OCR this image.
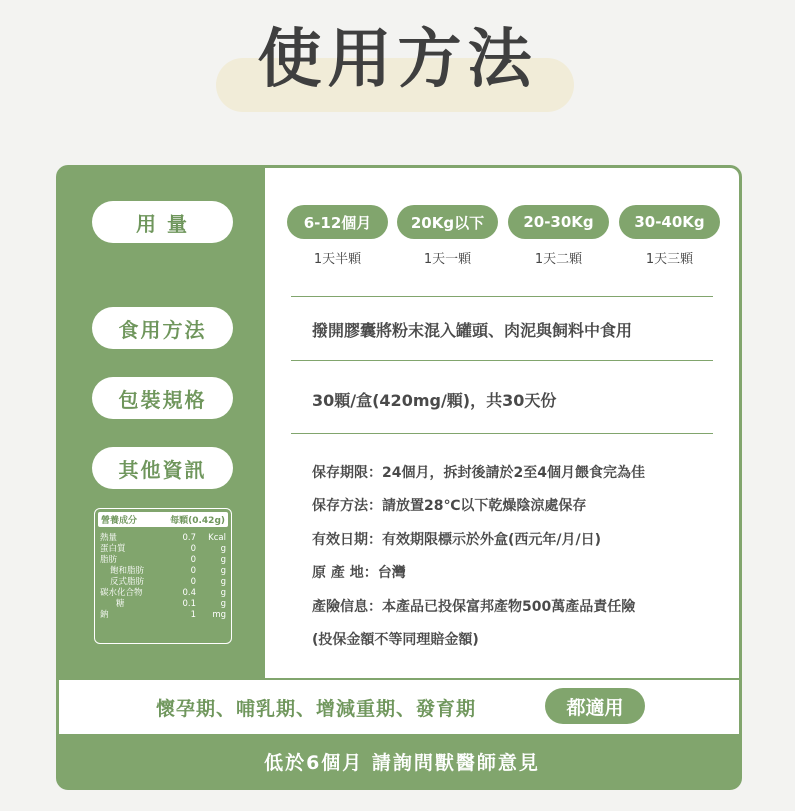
使用方法
用 量
食用方法
包裝規格
其他資訊
6-12個月	20Kg以下	20-30Kg	30-40Kg
1天半顆	1天一顆	1天二顆	1天三顆
撥開膠囊將粉末混入罐頭、肉泥與飼料中食用
30顆/盒(420mg/顆)，共30天份
保存期限：24個月，拆封後請於2至4個月餵食完為佳
保存方法：請放置28℃以下乾燥陰涼處保存
有效日期：有效期限標示於外盒(西元年/月/日)
原 產 地：台灣
產險信息：本產品已投保富邦產物500萬產品責任險
(投保金額不等同理賠金額)
營養成分	每顆(0.42g)
熱量	0.7	Kcal
蛋白質	0	g
脂肪	0	g
飽和脂肪	0	g
反式脂肪	0	g
碳水化合物	0.4	g
糖	0.1	g
鈉	1	mg
懷孕期、哺乳期、增減重期、發育期	都適用
低於6個月 請詢問獸醫師意見
